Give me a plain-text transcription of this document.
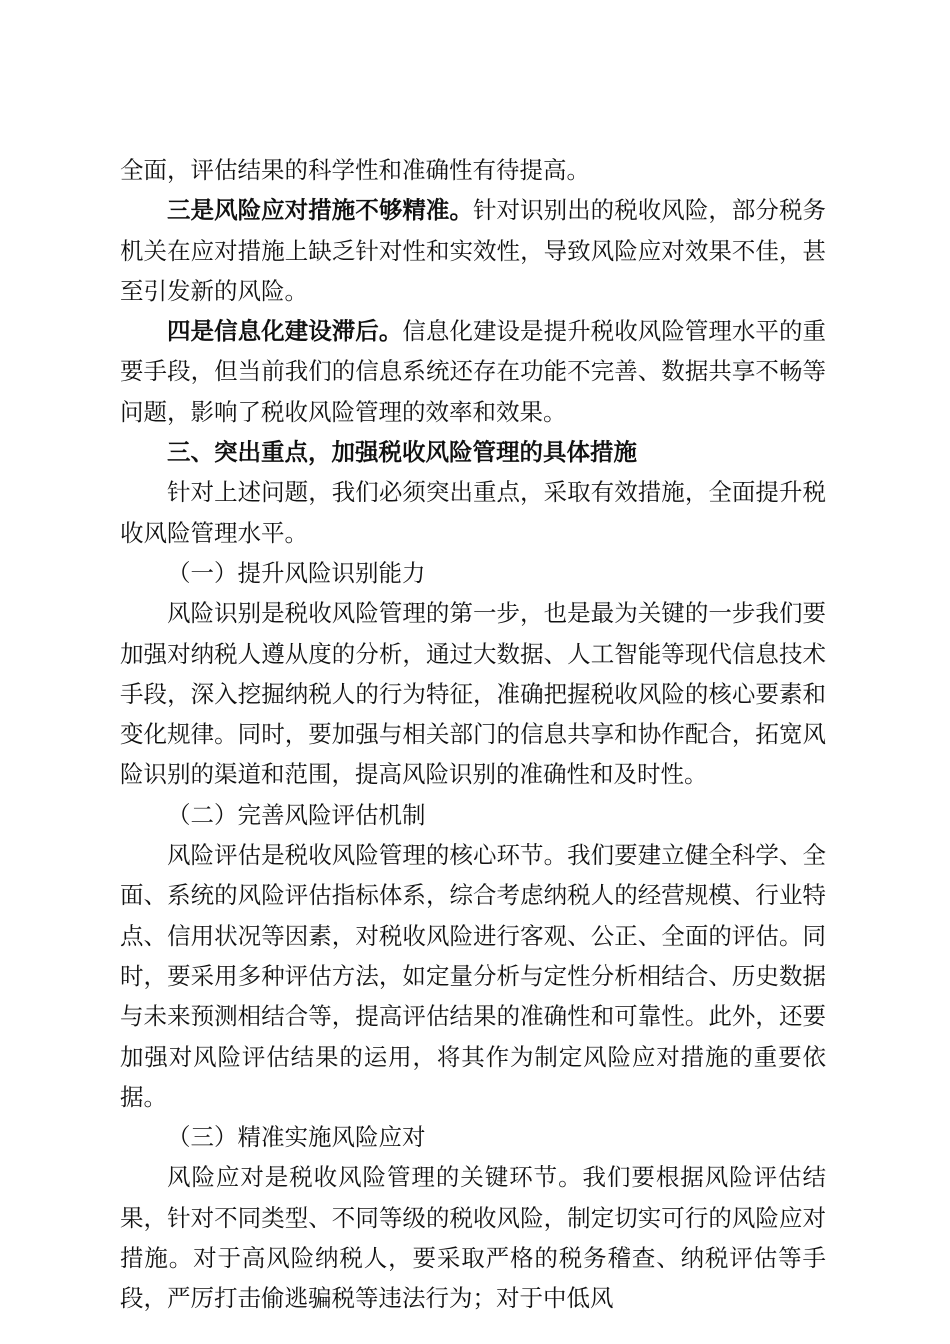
全面，评估结果的科学性和准确性有待提高。

三是风险应对措施不够精准。针对识别出的税收风险，部分税务机关在应对措施上缺乏针对性和实效性，导致风险应对效果不佳，甚至引发新的风险。

四是信息化建设滞后。信息化建设是提升税收风险管理水平的重要手段，但当前我们的信息系统还存在功能不完善、数据共享不畅等问题，影响了税收风险管理的效率和效果。

三、突出重点，加强税收风险管理的具体措施

针对上述问题，我们必须突出重点，采取有效措施，全面提升税收风险管理水平。

（一）提升风险识别能力

风险识别是税收风险管理的第一步，也是最为关键的一步我们要加强对纳税人遵从度的分析，通过大数据、人工智能等现代信息技术手段，深入挖掘纳税人的行为特征，准确把握税收风险的核心要素和变化规律。同时，要加强与相关部门的信息共享和协作配合，拓宽风险识别的渠道和范围，提高风险识别的准确性和及时性。

（二）完善风险评估机制

风险评估是税收风险管理的核心环节。我们要建立健全科学、全面、系统的风险评估指标体系，综合考虑纳税人的经营规模、行业特点、信用状况等因素，对税收风险进行客观、公正、全面的评估。同时，要采用多种评估方法，如定量分析与定性分析相结合、历史数据与未来预测相结合等，提高评估结果的准确性和可靠性。此外，还要加强对风险评估结果的运用，将其作为制定风险应对措施的重要依据。

（三）精准实施风险应对

风险应对是税收风险管理的关键环节。我们要根据风险评估结果，针对不同类型、不同等级的税收风险，制定切实可行的风险应对措施。对于高风险纳税人，要采取严格的税务稽查、纳税评估等手段，严厉打击偷逃骗税等违法行为；对于中低风
